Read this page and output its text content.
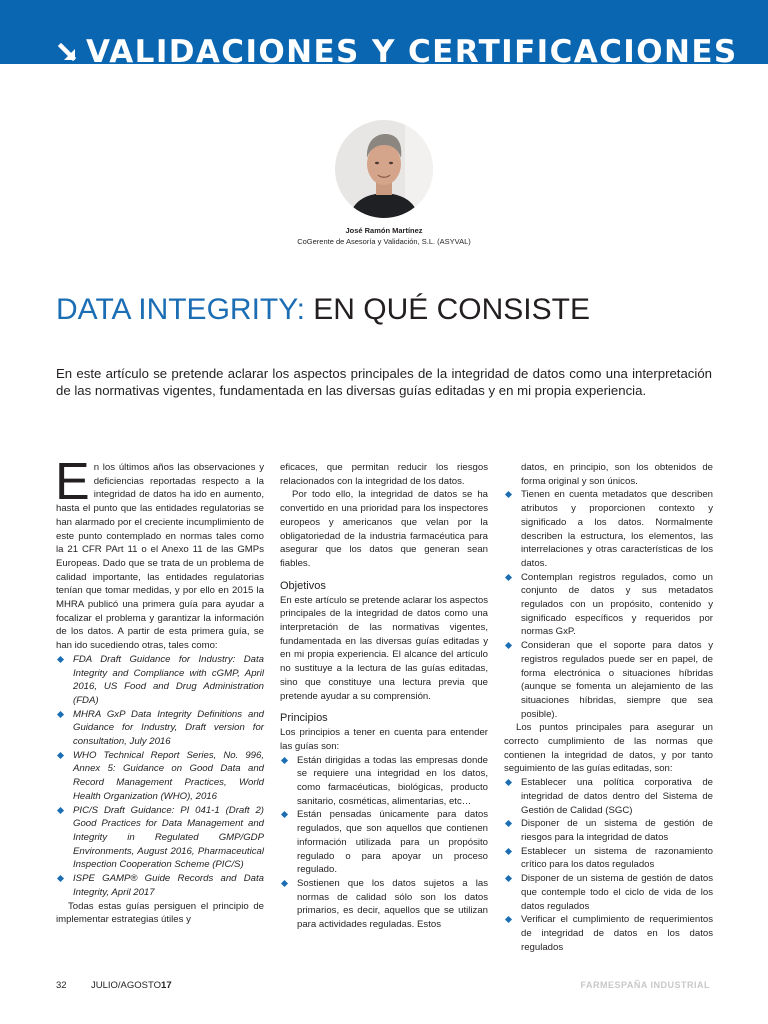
VALIDACIONES Y CERTIFICACIONES
José Ramón Martínez
CoGerente de Asesoría y Validación, S.L. (ASYVAL)
DATA INTEGRITY: EN QUÉ CONSISTE

En este artículo se pretende aclarar los aspectos principales de la integridad de datos como una interpretación de las normativas vigentes, fundamentada en las diversas guías editadas y en mi propia experiencia.

En los últimos años las observaciones y deficiencias reportadas respecto a la integridad de datos ha ido en aumento, hasta el punto que las entidades regulatorias se han alarmado por el creciente incumplimiento de este punto contemplado en normas tales como la 21 CFR PArt 11 o el Anexo 11 de las GMPs Europeas. Dado que se trata de un problema de calidad importante, las entidades regulatorias tenían que tomar medidas, y por ello en 2015 la MHRA publicó una primera guía para ayudar a focalizar el problema y garantizar la información de los datos. A partir de esta primera guía, se han ido sucediendo otras, tales como:

FDA Draft Guidance for Industry: Data Integrity and Compliance with cGMP, April 2016, US Food and Drug Administration (FDA)
MHRA GxP Data Integrity Definitions and Guidance for Industry, Draft version for consultation, July 2016
WHO Technical Report Series, No. 996, Annex 5: Guidance on Good Data and Record Management Practices, World Health Organization (WHO), 2016
PIC/S Draft Guidance: PI 041-1 (Draft 2) Good Practices for Data Management and Integrity in Regulated GMP/GDP Environments, August 2016, Pharmaceutical Inspection Cooperation Scheme (PIC/S)
ISPE GAMP® Guide Records and Data Integrity, April 2017

Todas estas guías persiguen el principio de implementar estrategias útiles y

eficaces, que permitan reducir los riesgos relacionados con la integridad de los datos.

Por todo ello, la integridad de datos se ha convertido en una prioridad para los inspectores europeos y americanos que velan por la obligatoriedad de la industria farmacéutica para asegurar que los datos que generan sean fiables.

Objetivos

En este artículo se pretende aclarar los aspectos principales de la integridad de datos como una interpretación de las normativas vigentes, fundamentada en las diversas guías editadas y en mi propia experiencia. El alcance del artículo no sustituye a la lectura de las guías editadas, sino que constituye una lectura previa que pretende ayudar a su comprensión.

Principios

Los principios a tener en cuenta para entender las guías son:

Están dirigidas a todas las empresas donde se requiere una integridad en los datos, como farmacéuticas, biológicas, producto sanitario, cosméticas, alimentarias, etc…
Están pensadas únicamente para datos regulados, que son aquellos que contienen información utilizada para un propósito regulado o para apoyar un proceso regulado.
Sostienen que los datos sujetos a las normas de calidad sólo son los datos primarios, es decir, aquellos que se utilizan para actividades reguladas. Estos

datos, en principio, son los obtenidos de forma original y son únicos.

Tienen en cuenta metadatos que describen atributos y proporcionen contexto y significado a los datos. Normalmente describen la estructura, los elementos, las interrelaciones y otras características de los datos.
Contemplan registros regulados, como un conjunto de datos y sus metadatos regulados con un propósito, contenido y significado específicos y requeridos por normas GxP.
Consideran que el soporte para datos y registros regulados puede ser en papel, de forma electrónica o situaciones híbridas (aunque se fomenta un alejamiento de las situaciones híbridas, siempre que sea posible).

Los puntos principales para asegurar un correcto cumplimiento de las normas que contienen la integridad de datos, y por tanto seguimiento de las guías editadas, son:

Establecer una política corporativa de integridad de datos dentro del Sistema de Gestión de Calidad (SGC)
Disponer de un sistema de gestión de riesgos para la integridad de datos
Establecer un sistema de razonamiento crítico para los datos regulados
Disponer de un sistema de gestión de datos que contemple todo el ciclo de vida de los datos regulados
Verificar el cumplimiento de requerimientos de integridad de datos en los datos regulados
32	JULIO/AGOSTO17	FARMESPAÑA INDUSTRIAL
